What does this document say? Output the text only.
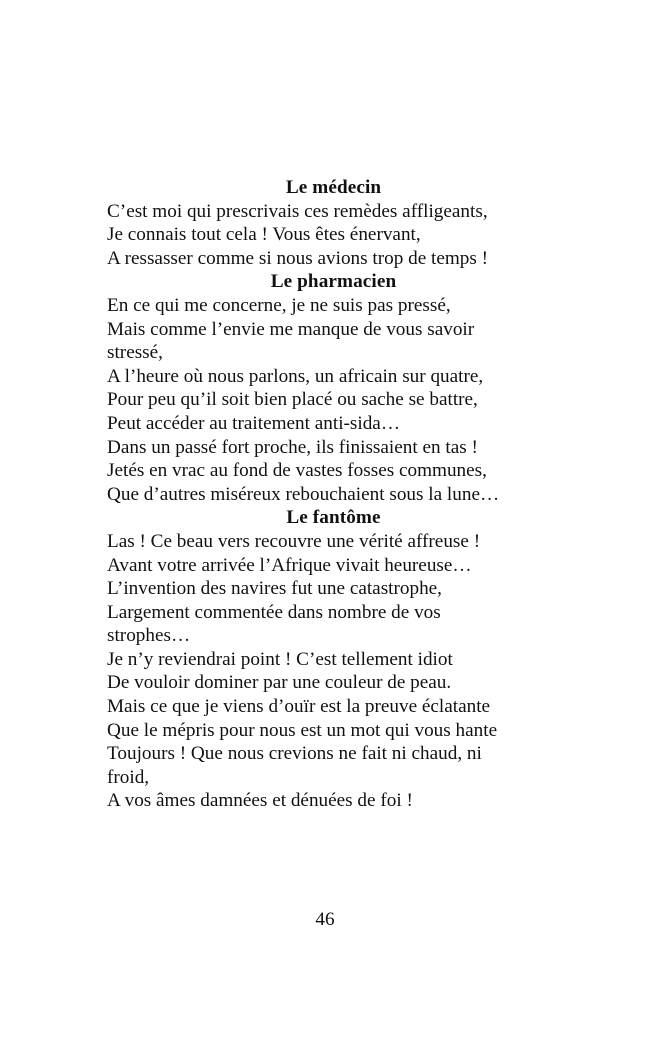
Le médecin
C’est moi qui prescrivais ces remèdes affligeants,
Je connais tout cela ! Vous êtes énervant,
A ressasser comme si nous avions trop de temps !
Le pharmacien
En ce qui me concerne, je ne suis pas pressé,
Mais comme l’envie me manque de vous savoir
stressé,
A l’heure où nous parlons, un africain sur quatre,
Pour peu qu’il soit bien placé ou sache se battre,
Peut accéder au traitement anti-sida…
Dans un passé fort proche, ils finissaient en tas !
Jetés en vrac au fond de vastes fosses communes,
Que d’autres miséreux rebouchaient sous la lune…
Le fantôme
Las ! Ce beau vers recouvre une vérité affreuse !
Avant votre arrivée l’Afrique vivait heureuse…
L’invention des navires fut une catastrophe,
Largement commentée dans nombre de vos
strophes…
Je n’y reviendrai point ! C’est tellement idiot
De vouloir dominer par une couleur de peau.
Mais ce que je viens d’ouïr est la preuve éclatante
Que le mépris pour nous est un mot qui vous hante
Toujours ! Que nous crevions ne fait ni chaud, ni
froid,
A vos âmes damnées et dénuées de foi !
46
